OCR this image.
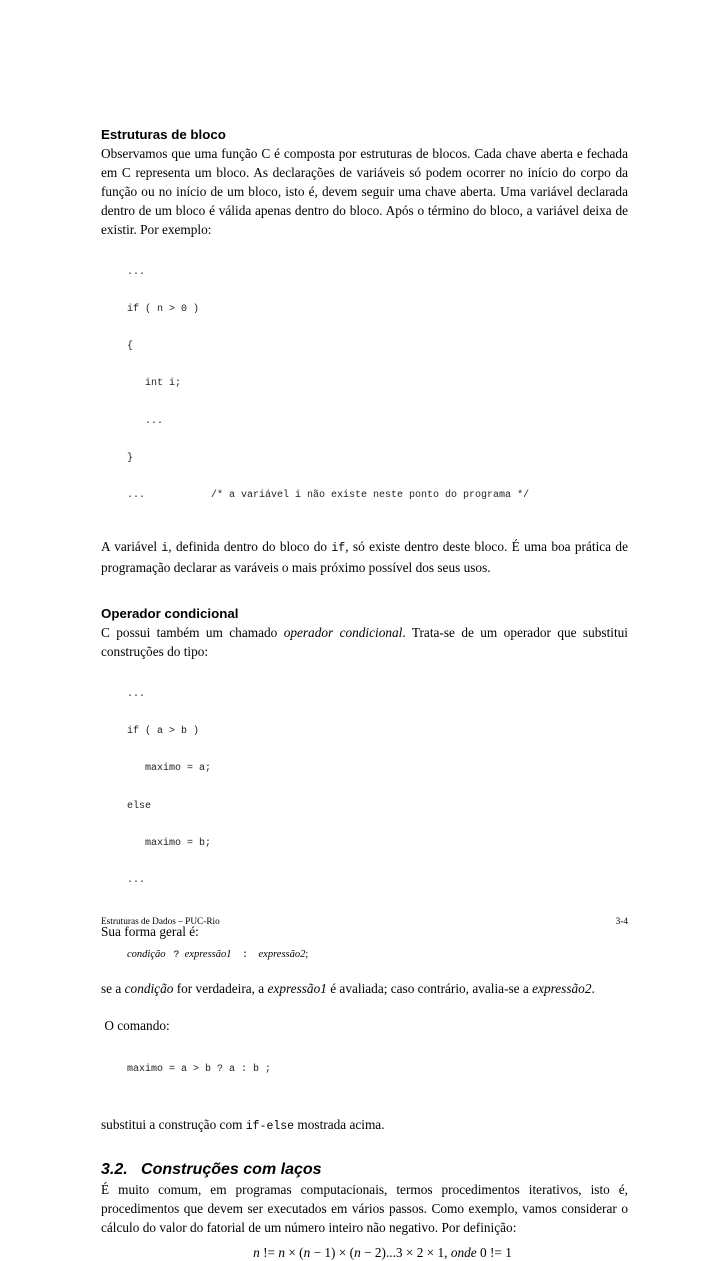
Estruturas de bloco

Observamos que uma função C é composta por estruturas de blocos. Cada chave aberta e fechada em C representa um bloco. As declarações de variáveis só podem ocorrer no início do corpo da função ou no início de um bloco, isto é, devem seguir uma chave aberta. Uma variável declarada dentro de um bloco é válida apenas dentro do bloco. Após o término do bloco, a variável deixa de existir. Por exemplo:

...

if ( n > 0 )

{

int i;

...

}

...           /* a variável i não existe neste ponto do programa */

A variável i, definida dentro do bloco do if, só existe dentro deste bloco. É uma boa prática de programação declarar as varáveis o mais próximo possível dos seus usos.

Operador condicional

C possui também um chamado operador condicional. Trata-se de um operador que substitui construções do tipo:

...

if ( a > b )

maximo = a;

else

maximo = b;

...

Sua forma geral é:

condição ? expressão1 : expressão2;

se a condição for verdadeira, a expressão1 é avaliada; caso contrário, avalia-se a expressão2.

O comando:

maximo = a > b ? a : b ;

substitui a construção com if-else mostrada acima.

3.2. Construções com laços

É muito comum, em programas computacionais, termos procedimentos iterativos, isto é, procedimentos que devem ser executados em vários passos. Como exemplo, vamos considerar o cálculo do valor do fatorial de um número inteiro não negativo. Por definição:

n != n × (n − 1) × (n − 2)...3 × 2 × 1, onde 0 != 1
Estruturas de Dados – PUC-Rio	3-4
